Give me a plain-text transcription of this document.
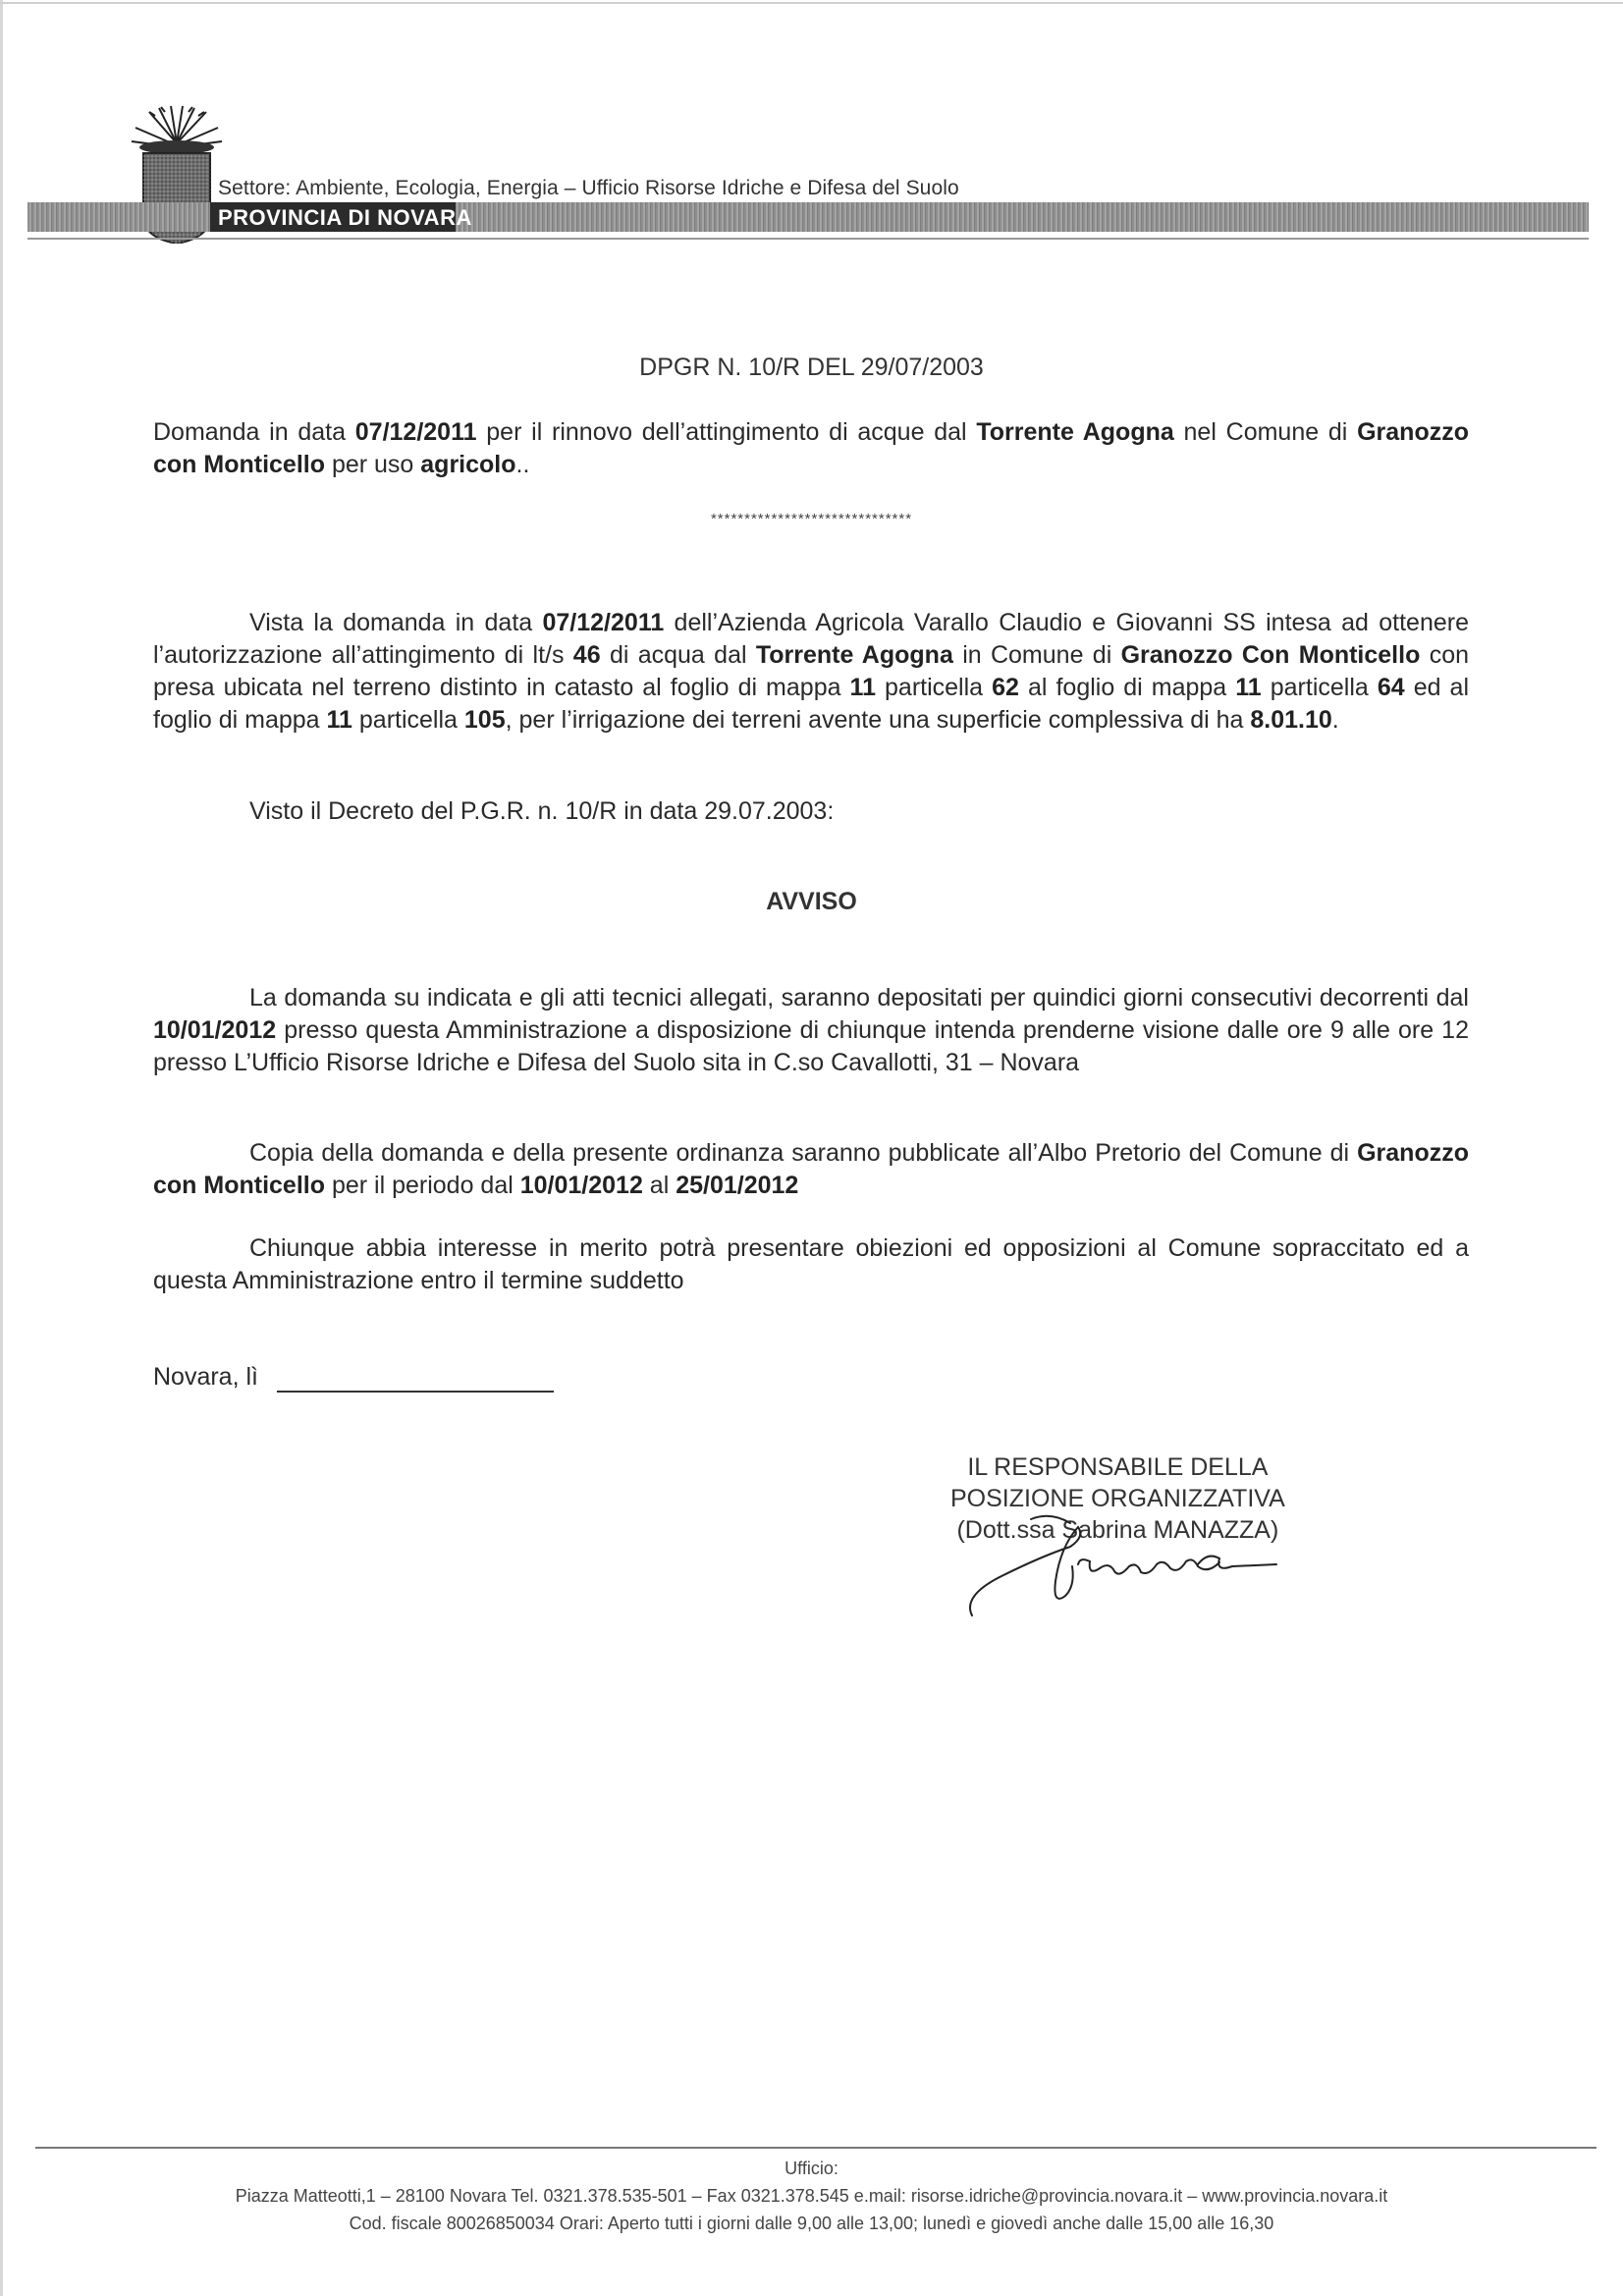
Settore: Ambiente, Ecologia, Energia – Ufficio Risorse Idriche e Difesa del Suolo
PROVINCIA DI NOVARA
DPGR N. 10/R DEL 29/07/2003
Domanda in data 07/12/2011 per il rinnovo dell’attingimento di acque dal Torrente Agogna nel Comune di Granozzo con Monticello per uso agricolo..
******************************
Vista la domanda in data 07/12/2011 dell’Azienda Agricola Varallo Claudio e Giovanni SS intesa ad ottenere l’autorizzazione all’attingimento di lt/s 46 di acqua dal Torrente Agogna in Comune di Granozzo Con Monticello con presa ubicata nel terreno distinto in catasto al foglio di mappa 11 particella 62 al foglio di mappa 11 particella 64 ed al foglio di mappa 11 particella 105, per l’irrigazione dei terreni avente una superficie complessiva di ha 8.01.10.
Visto il Decreto del P.G.R. n. 10/R in data 29.07.2003:
AVVISO
La domanda su indicata e gli atti tecnici allegati, saranno depositati per quindici giorni consecutivi decorrenti dal 10/01/2012 presso questa Amministrazione a disposizione di chiunque intenda prenderne visione dalle ore 9 alle ore 12 presso L’Ufficio Risorse Idriche e Difesa del Suolo sita in C.so Cavallotti, 31 – Novara
Copia della domanda e della presente ordinanza saranno pubblicate all’Albo Pretorio del Comune di Granozzo con Monticello per il periodo dal 10/01/2012 al 25/01/2012
Chiunque abbia interesse in merito potrà presentare obiezioni ed opposizioni al Comune sopraccitato ed a questa Amministrazione entro il termine suddetto
Novara, lì
IL RESPONSABILE DELLA
POSIZIONE ORGANIZZATIVA
(Dott.ssa Sabrina MANAZZA)
Ufficio:
Piazza Matteotti,1 – 28100 Novara Tel. 0321.378.535-501 – Fax 0321.378.545 e.mail: risorse.idriche@provincia.novara.it – www.provincia.novara.it
Cod. fiscale 80026850034 Orari: Aperto tutti i giorni dalle 9,00 alle 13,00; lunedì e giovedì anche dalle 15,00 alle 16,30
